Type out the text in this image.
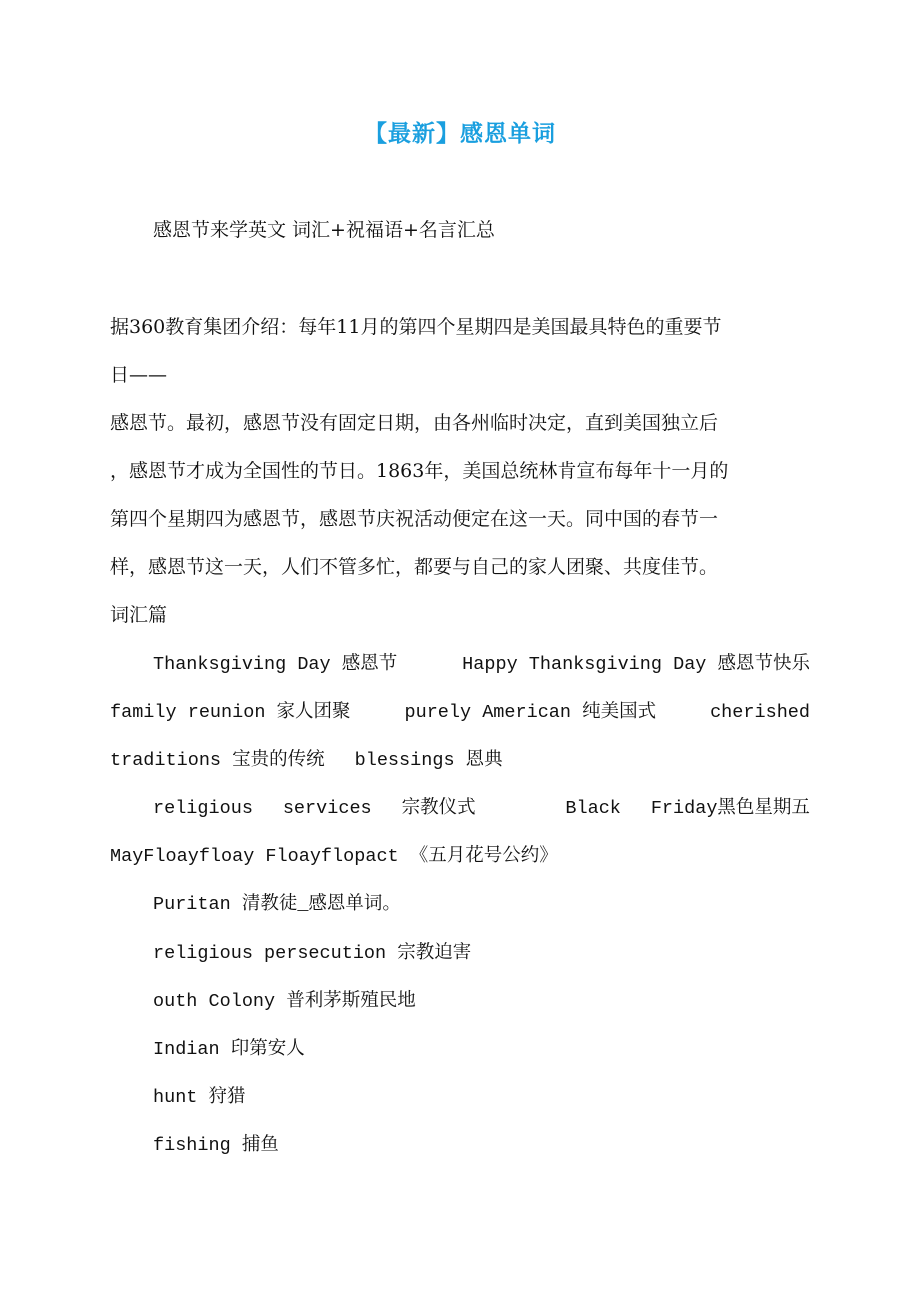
【最新】感恩单词
感恩节来学英文 词汇+祝福语+名言汇总
据360教育集团介绍：每年11月的第四个星期四是美国最具特色的重要节
日——
感恩节。最初，感恩节没有固定日期，由各州临时决定，直到美国独立后
，感恩节才成为全国性的节日。1863年，美国总统林肯宣布每年十一月的
第四个星期四为感恩节，感恩节庆祝活动便定在这一天。同中国的春节一
样，感恩节这一天，人们不管多忙，都要与自己的家人团聚、共度佳节。
词汇篇
Thanksgiving Day 感恩节	Happy Thanksgiving Day 感恩节快乐
family reunion 家人团聚	purely American 纯美国式	cherished
traditions 宝贵的传统 blessings 恩典
religious services 宗教仪式	Black Friday黑色星期五
MayFloayfloay Floayflopact 《五月花号公约》
Puritan 清教徒_感恩单词。
religious persecution 宗教迫害
outh Colony 普利茅斯殖民地
Indian 印第安人
hunt 狩猎
fishing 捕鱼
